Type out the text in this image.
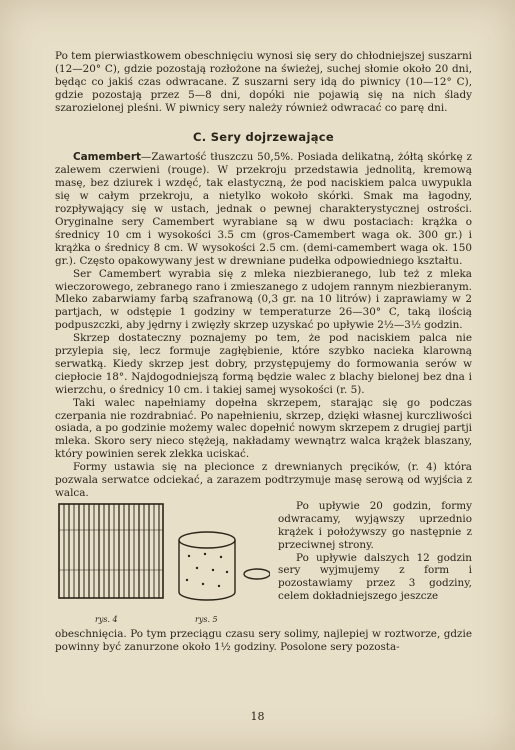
Po tem pierwiastkowem obeschnięciu wynosi się sery do chłodniejszej suszarni (12—20° C), gdzie pozostają rozłożone na świeżej, suchej słomie około 20 dni, będąc co jakiś czas odwracane. Z suszarni sery idą do piwnicy (10—12° C), gdzie pozostają przez 5—8 dni, dopóki nie pojawią się na nich ślady szarozielonej pleśni. W piwnicy sery należy również odwracać co parę dni.

C. Sery dojrzewające

Camembert—Zawartość tłuszczu 50,5%. Posiada delikatną, żółtą skórkę z zalewem czerwieni (rouge). W przekroju przedstawia jednolitą, kremową masę, bez dziurek i wzdęć, tak elastyczną, że pod naciskiem palca uwypukla się w całym przekroju, a nietylko wokoło skórki. Smak ma łagodny, rozpływający się w ustach, jednak o pewnej charakterystycznej ostrości. Oryginalne sery Camembert wyrabiane są w dwu postaciach: krążka o średnicy 10 cm i wysokości 3.5 cm (gros-Camembert waga ok. 300 gr.) i krążka o średnicy 8 cm. W wysokości 2.5 cm. (demi-camembert waga ok. 150 gr.). Często opakowywany jest w drewniane pudełka odpowiedniego kształtu.

Ser Camembert wyrabia się z mleka niezbieranego, lub też z mleka wieczorowego, zebranego rano i zmieszanego z udojem rannym niezbieranym. Mleko zabarwiamy farbą szafranową (0,3 gr. na 10 litrów) i zaprawiamy w 2 partjach, w odstępie 1 godziny w temperaturze 26—30° C, taką ilością podpuszczki, aby jędrny i zwięzły skrzep uzyskać po upływie 2½—3½ godzin.

Skrzep dostateczny poznajemy po tem, że pod naciskiem palca nie przylepia się, lecz formuje zagłębienie, które szybko nacieka klarowną serwatką. Kiedy skrzep jest dobry, przystępujemy do formowania serów w ciepłocie 18°. Najdogodniejszą formą będzie walec z blachy bielonej bez dna i wierzchu, o średnicy 10 cm. i takiej samej wysokości (r. 5).

Taki walec napełniamy dopełna skrzepem, starając się go podczas czerpania nie rozdrabniać. Po napełnieniu, skrzep, dzięki własnej kurczliwości osiada, a po godzinie możemy walec dopełnić nowym skrzepem z drugiej partji mleka. Skoro sery nieco stężeją, nakładamy wewnątrz walca krążek blaszany, który powinien serek zlekka uciskać.

Formy ustawia się na plecionce z drewnianych pręcików, (r. 4) która pozwala serwatce odciekać, a zarazem podtrzymuje masę serową od wyjścia z walca.

rys. 4	rys. 5

Po upływie 20 godzin, formy odwracamy, wyjąwszy uprzednio krążek i położywszy go następnie z przeciwnej strony.

Po upływie dalszych 12 godzin sery wyjmujemy z form i pozostawiamy przez 3 godziny, celem dokładniejszego jeszcze

obeschnięcia. Po tym przeciągu czasu sery solimy, najlepiej w roztworze, gdzie powinny być zanurzone około 1½ godziny. Posolone sery pozosta-

18
